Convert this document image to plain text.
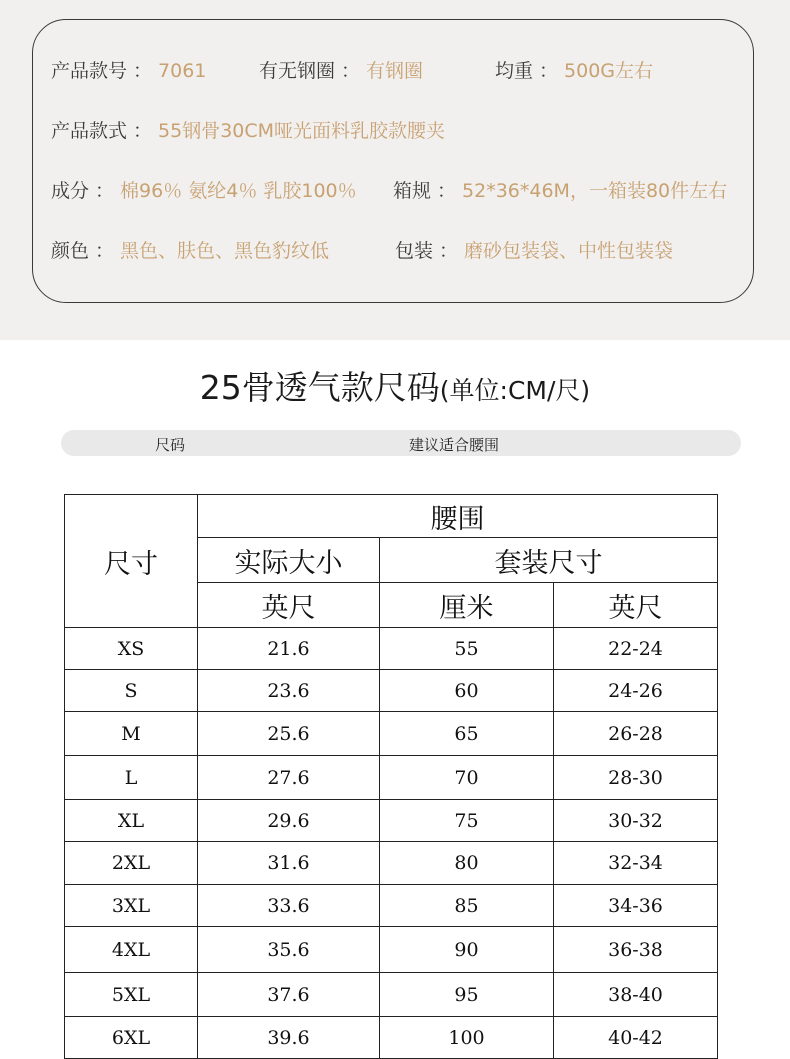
产品款号 ： 7061	有无钢圈 ： 有钢圈	均重 ： 500G左右
产品款式 ： 55钢骨30CM哑光面料乳胶款腰夹
成分 ： 棉96％ 氨纶4％ 乳胶100％ 箱规 ： 52*36*46M，一箱装80件左右
颜色 ： 黑色、肤色、黑色豹纹低	包装 ： 磨砂包装袋、中性包装袋
25骨透气款尺码(单位:CM/尺)
尺码	建议适合腰围
尺寸	腰围		
	实际大小	套装尺寸	
	英尺	厘米	英尺
XS	21.6	55	22-24
S	23.6	60	24-26
M	25.6	65	26-28
L	27.6	70	28-30
XL	29.6	75	30-32
2XL	31.6	80	32-34
3XL	33.6	85	34-36
4XL	35.6	90	36-38
5XL	37.6	95	38-40
6XL	39.6	100	40-42
